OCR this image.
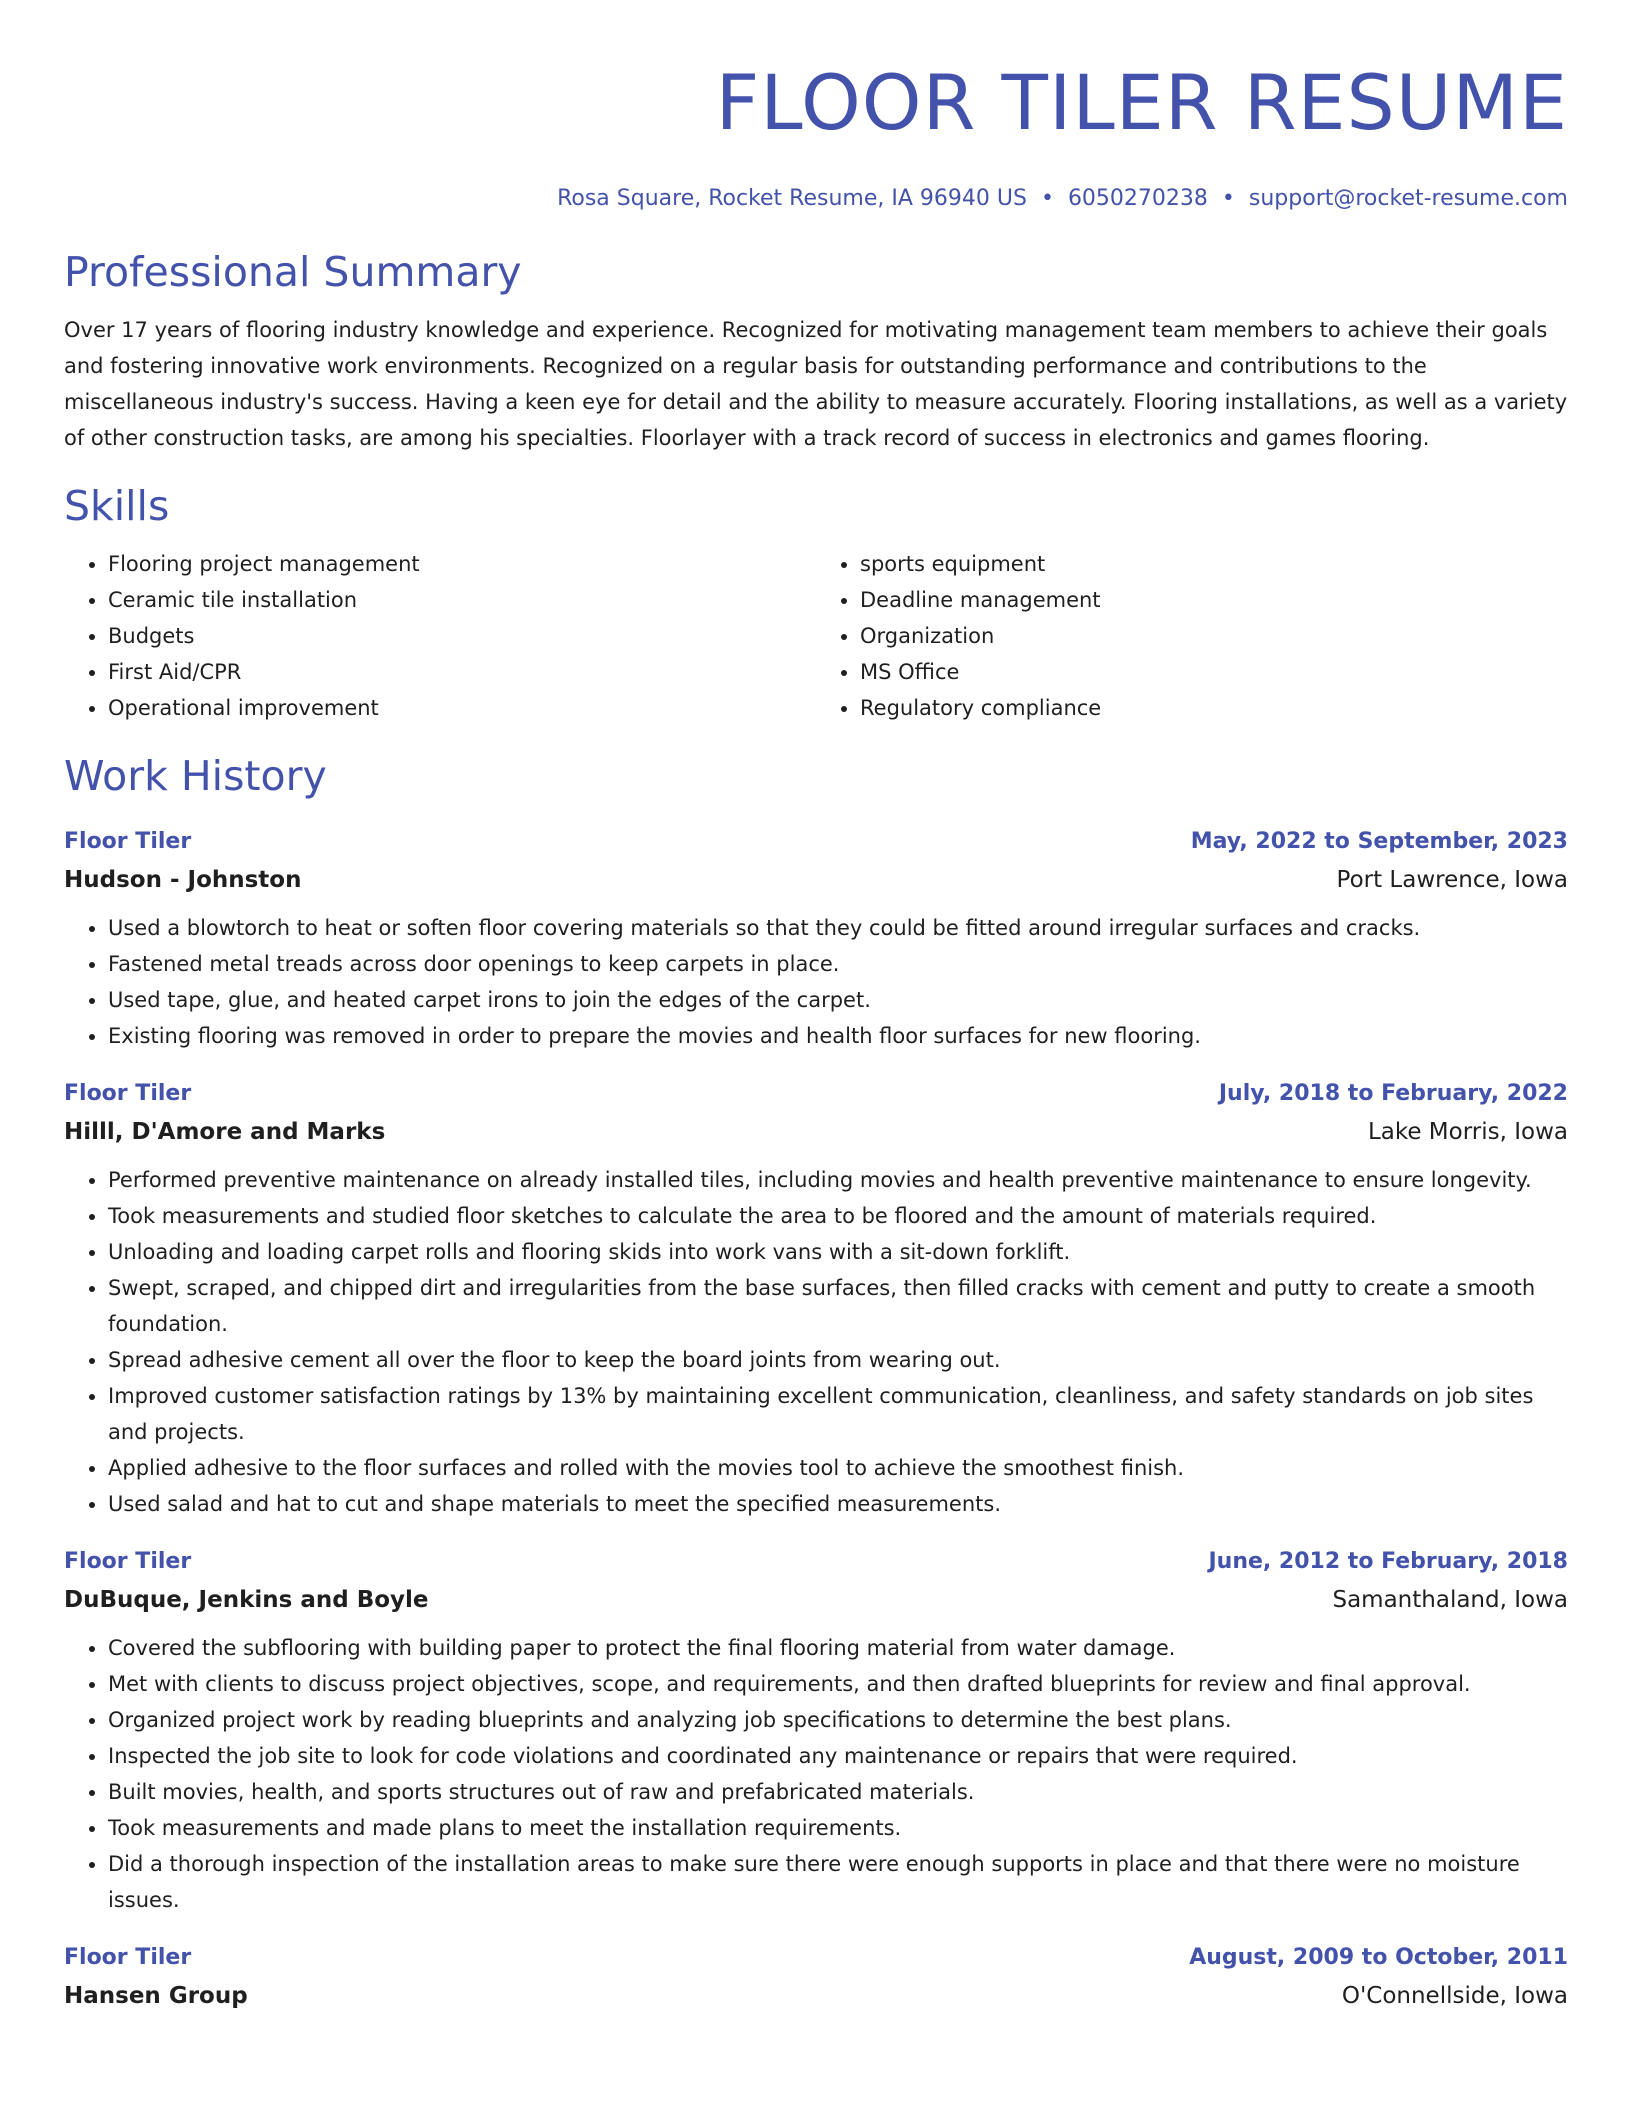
FLOOR TILER RESUME
Rosa Square, Rocket Resume, IA 96940 US • 6050270238 • support@rocket-resume.com
Professional Summary

Over 17 years of flooring industry knowledge and experience. Recognized for motivating management team members to achieve their goals and fostering innovative work environments. Recognized on a regular basis for outstanding performance and contributions to the miscellaneous industry's success. Having a keen eye for detail and the ability to measure accurately. Flooring installations, as well as a variety of other construction tasks, are among his specialties. Floorlayer with a track record of success in electronics and games flooring.

Skills
• Flooring project management
• Ceramic tile installation
• Budgets
• First Aid/CPR
• Operational improvement
• sports equipment
• Deadline management
• Organization
• MS Office
• Regulatory compliance
Work History
Floor Tiler	May, 2022 to September, 2023
Hudson - Johnston	Port Lawrence, Iowa
• Used a blowtorch to heat or soften floor covering materials so that they could be fitted around irregular surfaces and cracks.
• Fastened metal treads across door openings to keep carpets in place.
• Used tape, glue, and heated carpet irons to join the edges of the carpet.
• Existing flooring was removed in order to prepare the movies and health floor surfaces for new flooring.
Floor Tiler	July, 2018 to February, 2022
Hilll, D'Amore and Marks	Lake Morris, Iowa
• Performed preventive maintenance on already installed tiles, including movies and health preventive maintenance to ensure longevity.
• Took measurements and studied floor sketches to calculate the area to be floored and the amount of materials required.
• Unloading and loading carpet rolls and flooring skids into work vans with a sit-down forklift.
• Swept, scraped, and chipped dirt and irregularities from the base surfaces, then filled cracks with cement and putty to create a smooth foundation.
• Spread adhesive cement all over the floor to keep the board joints from wearing out.
• Improved customer satisfaction ratings by 13% by maintaining excellent communication, cleanliness, and safety standards on job sites and projects.
• Applied adhesive to the floor surfaces and rolled with the movies tool to achieve the smoothest finish.
• Used salad and hat to cut and shape materials to meet the specified measurements.
Floor Tiler	June, 2012 to February, 2018
DuBuque, Jenkins and Boyle	Samanthaland, Iowa
• Covered the subflooring with building paper to protect the final flooring material from water damage.
• Met with clients to discuss project objectives, scope, and requirements, and then drafted blueprints for review and final approval.
• Organized project work by reading blueprints and analyzing job specifications to determine the best plans.
• Inspected the job site to look for code violations and coordinated any maintenance or repairs that were required.
• Built movies, health, and sports structures out of raw and prefabricated materials.
• Took measurements and made plans to meet the installation requirements.
• Did a thorough inspection of the installation areas to make sure there were enough supports in place and that there were no moisture issues.
Floor Tiler	August, 2009 to October, 2011
Hansen Group	O'Connellside, Iowa
